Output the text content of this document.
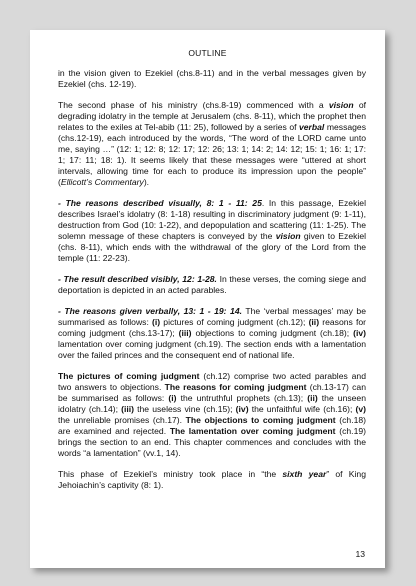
OUTLINE

in the vision given to Ezekiel (chs.8-11) and in the verbal messages given by Ezekiel (chs. 12-19).

The second phase of his ministry (chs.8-19) commenced with a vision of degrading idolatry in the temple at Jerusalem (chs. 8-11), which the prophet then relates to the exiles at Tel-abib (11: 25), followed by a series of verbal messages (chs.12-19), each introduced by the words, “The word of the LORD came unto me, saying …” (12: 1; 12: 8; 12: 17; 12: 26; 13: 1; 14: 2; 14: 12; 15: 1; 16: 1; 17: 1; 17: 11; 18: 1). It seems likely that these messages were “uttered at short intervals, allowing time for each to produce its impression upon the people” (Ellicott’s Commentary).

- The reasons described visually, 8: 1 - 11: 25. In this passage, Ezekiel describes Israel’s idolatry (8: 1-18) resulting in discriminatory judgment (9: 1-11), destruction from God (10: 1-22), and depopulation and scattering (11: 1-25). The solemn message of these chapters is conveyed by the vision given to Ezekiel (chs. 8-11), which ends with the withdrawal of the glory of the Lord from the temple (11: 22-23).

- The result described visibly, 12: 1-28. In these verses, the coming siege and deportation is depicted in an acted parables.

- The reasons given verbally, 13: 1 - 19: 14. The ‘verbal messages’ may be summarised as follows: (i) pictures of coming judgment (ch.12); (ii) reasons for coming judgment (chs.13-17); (iii) objections to coming judgment (ch.18); (iv) lamentation over coming judgment (ch.19). The section ends with a lamentation over the failed princes and the consequent end of national life.

The pictures of coming judgment (ch.12) comprise two acted parables and two answers to objections. The reasons for coming judgment (ch.13-17) can be summarised as follows: (i) the untruthful prophets (ch.13); (ii) the unseen idolatry (ch.14); (iii) the useless vine (ch.15); (iv) the unfaithful wife (ch.16); (v) the unreliable promises (ch.17). The objections to coming judgment (ch.18) are examined and rejected. The lamentation over coming judgment (ch.19) brings the section to an end. This chapter commences and concludes with the words “a lamentation” (vv.1, 14).

This phase of Ezekiel’s ministry took place in “the sixth year” of King Jehoiachin’s captivity (8: 1).

13
